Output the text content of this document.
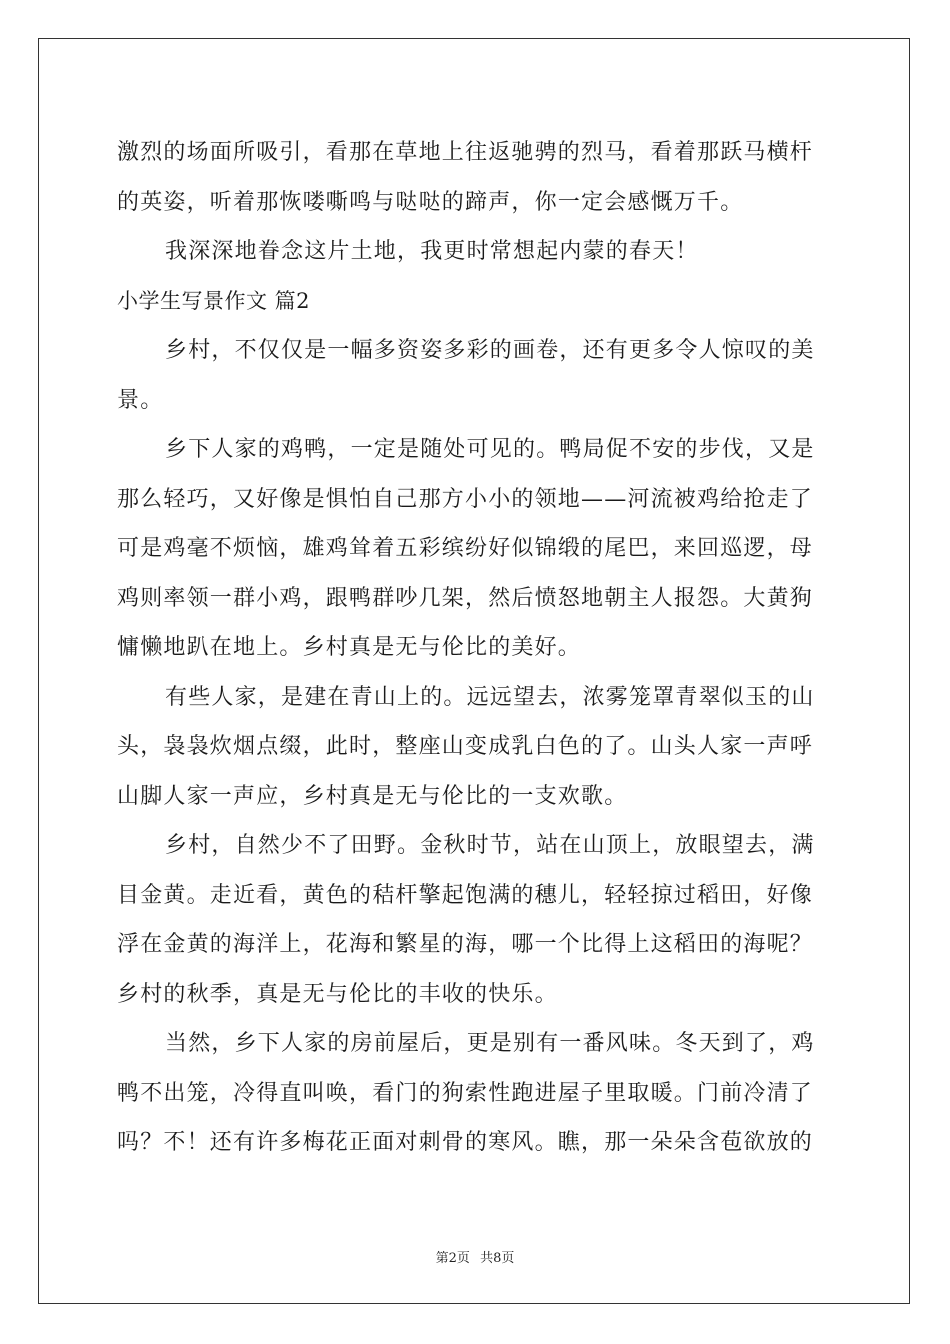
激烈的场面所吸引，看那在草地上往返驰骋的烈马，看着那跃马横杆
的英姿，听着那恢喽嘶鸣与哒哒的蹄声，你一定会感慨万千。
我深深地眷念这片土地，我更时常想起内蒙的春天！
小学生写景作文 篇2
乡村，不仅仅是一幅多资姿多彩的画卷，还有更多令人惊叹的美
景。
乡下人家的鸡鸭，一定是随处可见的。鸭局促不安的步伐，又是
那么轻巧，又好像是惧怕自己那方小小的领地——河流被鸡给抢走了
可是鸡毫不烦恼，雄鸡耸着五彩缤纷好似锦缎的尾巴，来回巡逻，母
鸡则率领一群小鸡，跟鸭群吵几架，然后愤怒地朝主人报怨。大黄狗
慵懒地趴在地上。乡村真是无与伦比的美好。
有些人家，是建在青山上的。远远望去，浓雾笼罩青翠似玉的山
头，袅袅炊烟点缀，此时，整座山变成乳白色的了。山头人家一声呼
山脚人家一声应，乡村真是无与伦比的一支欢歌。
乡村，自然少不了田野。金秋时节，站在山顶上，放眼望去，满
目金黄。走近看，黄色的秸杆擎起饱满的穗儿，轻轻掠过稻田，好像
浮在金黄的海洋上，花海和繁星的海，哪一个比得上这稻田的海呢？
乡村的秋季，真是无与伦比的丰收的快乐。
当然，乡下人家的房前屋后，更是别有一番风味。冬天到了，鸡
鸭不出笼，冷得直叫唤，看门的狗索性跑进屋子里取暖。门前冷清了
吗？不！还有许多梅花正面对刺骨的寒风。瞧，那一朵朵含苞欲放的
第2页 共8页
